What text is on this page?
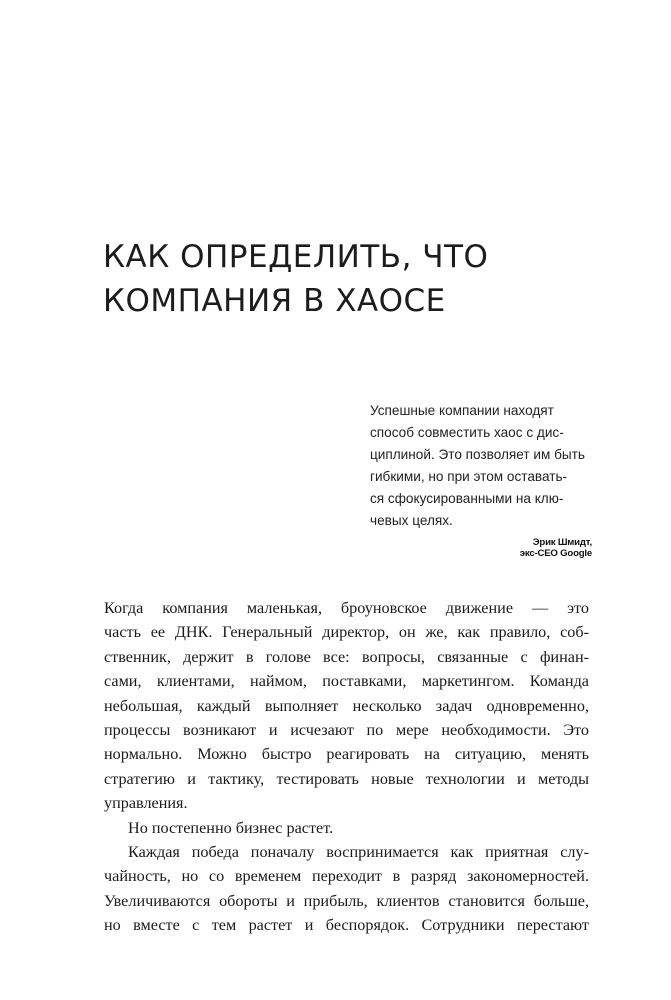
КАК ОПРЕДЕЛИТЬ, ЧТО
КОМПАНИЯ В ХАОСЕ

Успешные компании находят
способ совместить хаос с дис-
циплиной. Это позволяет им быть
гибкими, но при этом оставать-
ся сфокусированными на клю-
чевых целях.

Эрик Шмидт,
экс-CEO Google
Когда компания маленькая, броуновское движение — это
часть ее ДНК. Генеральный директор, он же, как правило, соб-
ственник, держит в голове все: вопросы, связанные с финан-
сами, клиентами, наймом, поставками, маркетингом. Команда
небольшая, каждый выполняет несколько задач одновременно,
процессы возникают и исчезают по мере необходимости. Это
нормально. Можно быстро реагировать на ситуацию, менять
стратегию и тактику, тестировать новые технологии и методы
управления.
Но постепенно бизнес растет.
Каждая победа поначалу воспринимается как приятная слу-
чайность, но со временем переходит в разряд закономерностей.
Увеличиваются обороты и прибыль, клиентов становится больше,
но вместе с тем растет и беспорядок. Сотрудники перестают
